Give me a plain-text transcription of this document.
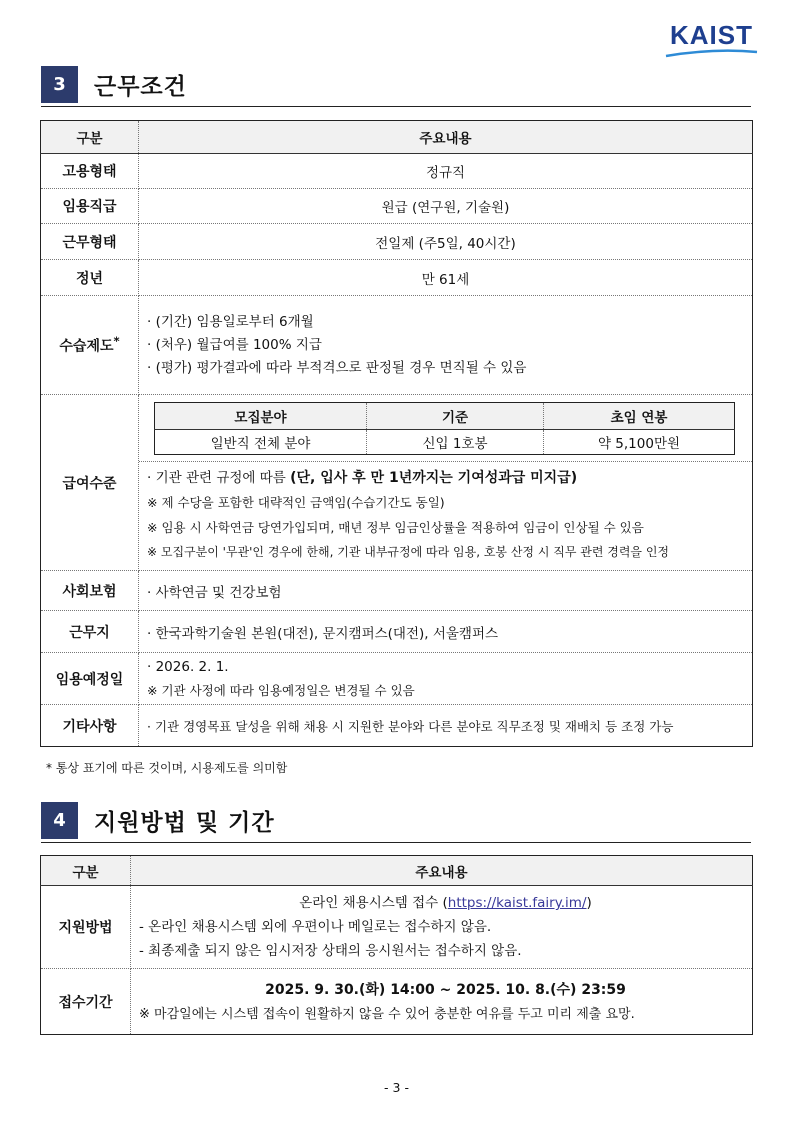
KAIST
3	근무조건
구분	주요내용
고용형태	정규직
임용직급	원급 (연구원, 기술원)
근무형태	전일제 (주5일, 40시간)
정년	만 61세
수습제도*	
· (기간) 임용일로부터 6개월
· (처우) 월급여를 100% 지급
· (평가) 평가결과에 따라 부적격으로 판정될 경우 면직될 수 있음

급여수준	
모집분야	기준	초임 연봉
일반직 전체 분야	신입 1호봉	약 5,100만원
· 기관 관련 규정에 따름 (단, 입사 후 만 1년까지는 기여성과급 미지급)
※ 제 수당을 포함한 대략적인 금액임(수습기간도 동일)
※ 임용 시 사학연금 당연가입되며, 매년 정부 임금인상률을 적용하여 임금이 인상될 수 있음
※ 모집구분이 '무관'인 경우에 한해, 기관 내부규정에 따라 임용, 호봉 산정 시 직무 관련 경력을 인정

사회보험	· 사학연금 및 건강보험
근무지	· 한국과학기술원 본원(대전), 문지캠퍼스(대전), 서울캠퍼스
임용예정일	
· 2026. 2. 1.
※ 기관 사정에 따라 임용예정일은 변경될 수 있음

기타사항	· 기관 경영목표 달성을 위해 채용 시 지원한 분야와 다른 분야로 직무조정 및 재배치 등 조정 가능
* 통상 표기에 따른 것이며, 시용제도를 의미함
4	지원방법 및 기간
구분	주요내용
지원방법	온라인 채용시스템 접수 (https://kaist.fairy.im/)
- 온라인 채용시스템 외에 우편이나 메일로는 접수하지 않음.
- 최종제출 되지 않은 임시저장 상태의 응시원서는 접수하지 않음.

접수기간	2025. 9. 30.(화) 14:00 ~ 2025. 10. 8.(수) 23:59
※ 마감일에는 시스템 접속이 원활하지 않을 수 있어 충분한 여유를 두고 미리 제출 요망.
- 3 -
